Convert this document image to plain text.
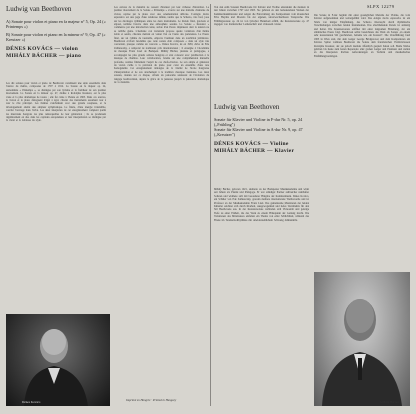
SLPX 12279
Ludwig van Beethoven
A) Sonate pour violon et piano en fa majeur n° 5, Op. 24 (« Printemps »)
B) Sonate pour violon et piano en la mineur n° 9, Op. 47 (« Kreutzer »)
DÉNES KOVÁCS — violon
MIHÁLY BÁCHER — piano
Les dix sonates pour violon et piano de Beethoven constituent une série essentielle dans l'œuvre du maître, composées de 1797 à 1812. La Sonate en fa majeur op. 24, surnommée « Printemps », se distingue par son lyrisme et la fraîcheur de son premier mouvement. La Sonate en la mineur op. 47, dédiée à Rodolphe Kreutzer, est la plus vaste et la plus dramatique de toutes ; elle fut créée à Vienne en 1803. Dans ces œuvres, le violon et le piano dialoguent d'égal à égal, chacun des instruments assumant tour à tour le rôle principal. Les thèmes s'enchaînent avec une grande souplesse, et le développement atteint une ampleur symphonique. Le finale, d'une énergie irrésistible, conclut l'ouvrage dans l'éclat. Les deux interprètes de cet enregistrement comptent parmi les musiciens hongrois les plus remarquables de leur génération ; ils se produisent régulièrement en duo dans les capitales européennes et leur interprétation se distingue par la clarté et la noblesse du style.
Les œuvres de la maturité ne cessent d'étonner par leur richesse d'invention. Le premier mouvement de la Sonate « Printemps » s'ouvre sur une mélodie chantante du violon, reprise par le piano avec une ornementation délicate. L'Adagio molto espressivo est une page d'une tendresse infinie, tandis que le Scherzo, très bref, joue sur les décalages rythmiques entre les deux instruments. Le Rondo final, gracieux et enjoué, termine l'œuvre dans une atmosphère sereine. La Sonate « Kreutzer » commence par une introduction lente, suivie d'un Presto impétueux dont la tension ne se relâche guère. L'Andante con variazioni propose quatre variations d'un thème noble et serein, chacune mettant en valeur l'un ou l'autre des partenaires. Le Presto final, sur un rythme de tarentelle, emporte l'auditeur dans un tourbillon jubilatoire. Beethoven écrivait lui-même que cette sonate était composée « dans un style très concertant, presque comme un concerto ». Dénes Kovács, né en 1930, élève de Ede Zathureczky, a remporté de nombreux prix internationaux ; il enseigne à l'Académie de musique Franz Liszt de Budapest. Mihály Bácher, pianiste et pédagogue, a accompagné les plus grands solistes hongrois et s'est consacré avec prédilection à la musique de chambre. Leur collaboration, fondée sur une compréhension mutuelle profonde, restitue fidèlement l'esprit de ces chefs-d'œuvre. Le son ample et généreux du violon s'allie à la précision du piano pour créer un ensemble d'une rare homogénéité. Cet enregistrement témoigne de la vitalité de l'école hongroise d'interprétation et de son attachement à la tradition classique viennoise. Les deux sonates, réunies sur ce disque, offrent un panorama saisissant de l'évolution du langage beethovénien, depuis la grâce de la jeunesse jusqu'à la puissance dramatique de la maturité.
Von den zehn Sonaten Beethovens für Klavier und Violine entstanden die meisten in den Jahren zwischen 1797 und 1803. Sie gehören zu den bedeutendsten Werken der Kammermusikliteratur und zeigen die Entwicklung des Komponisten vom klassischen Erbe Haydns und Mozarts bis zur eigenen, unverwechselbaren Tonsprache. Die Frühlingssonate op. 24 ist von lyrischer Heiterkeit erfüllt, die Kreutzersonate op. 47 dagegen von dramatischer Leidenschaft und virtuosem Glanz.
Ludwig van Beethoven
Sonate für Klavier und Violine in F-dur Nr. 5, op. 24 („Frühling")
Sonate für Klavier und Violine in A-dur Nr. 9, op. 47 („Kreutzer")
DÉNES KOVÁCS — Violine
MIHÁLY BÁCHER — Klavier
Mihály Bácher, geboren 1921, studierte an der Budapester Musikakademie und wirkt seit Jahren als Pianist und Pädagoge. Er war ständiger Partner zahlreicher namhafter Solisten und widmete sich mit besonderer Hingabe der Kammermusik. Dénes Kovács, ein Schüler von Ede Zathureczky, gewann mehrere internationale Wettbewerbe und ist Professor an der Musikakademie Franz Liszt. Das gemeinsame Musizieren der beiden Künstler zeichnet sich durch Klarheit, Ausgewogenheit und tiefes Verständnis für den Stil Beethovens aus. In der Kreutzersonate verbinden sich Virtuosität und geistige Tiefe zu einer Einheit, die das Werk zu einem Höhepunkt der Gattung macht. Die Variationen des Mittelsatzes entfalten ein Thema von edler Schlichtheit, während das Finale im Tarantella-Rhythmus mit unwiderstehlichem Schwung dahinstürmt.
Die Sonate in F-dur beginnt mit einer gesanglichen Melodie der Violine, die vom Klavier aufgenommen und weitergeführt wird. Das Adagio molto espressivo ist ein Stück von inniger Empfindung, das Scherzo überrascht durch rhythmische Verschiebungen zwischen beiden Instrumenten. Das abschließende Rondo ist anmutig und heiter. Die Kreutzersonate eröffnet mit einer langsamen Einleitung, der ein stürmisches Presto folgt. Beethoven selbst bezeichnete das Werk als Sonate „in einem sehr konzertanten Stil geschrieben, beinahe wie ein Konzert". Die Uraufführung fand 1803 in Wien statt, mit dem Geiger George Bridgetower und dem Komponisten am Klavier. Später widmete Beethoven die Sonate dem französischen Violinvirtuosen Rodolphe Kreutzer, der sie jedoch niemals öffentlich gespielt haben soll. Beide Werke gehören bis heute zum festen Repertoire aller großen Geiger und Pianisten und stellen an die Interpreten höchste Anforderungen an Technik und musikalisches Einfühlungsvermögen.
Dénes Kovács	Imprimé en Hongrie · Printed in Hungary	Mihály Bácher
